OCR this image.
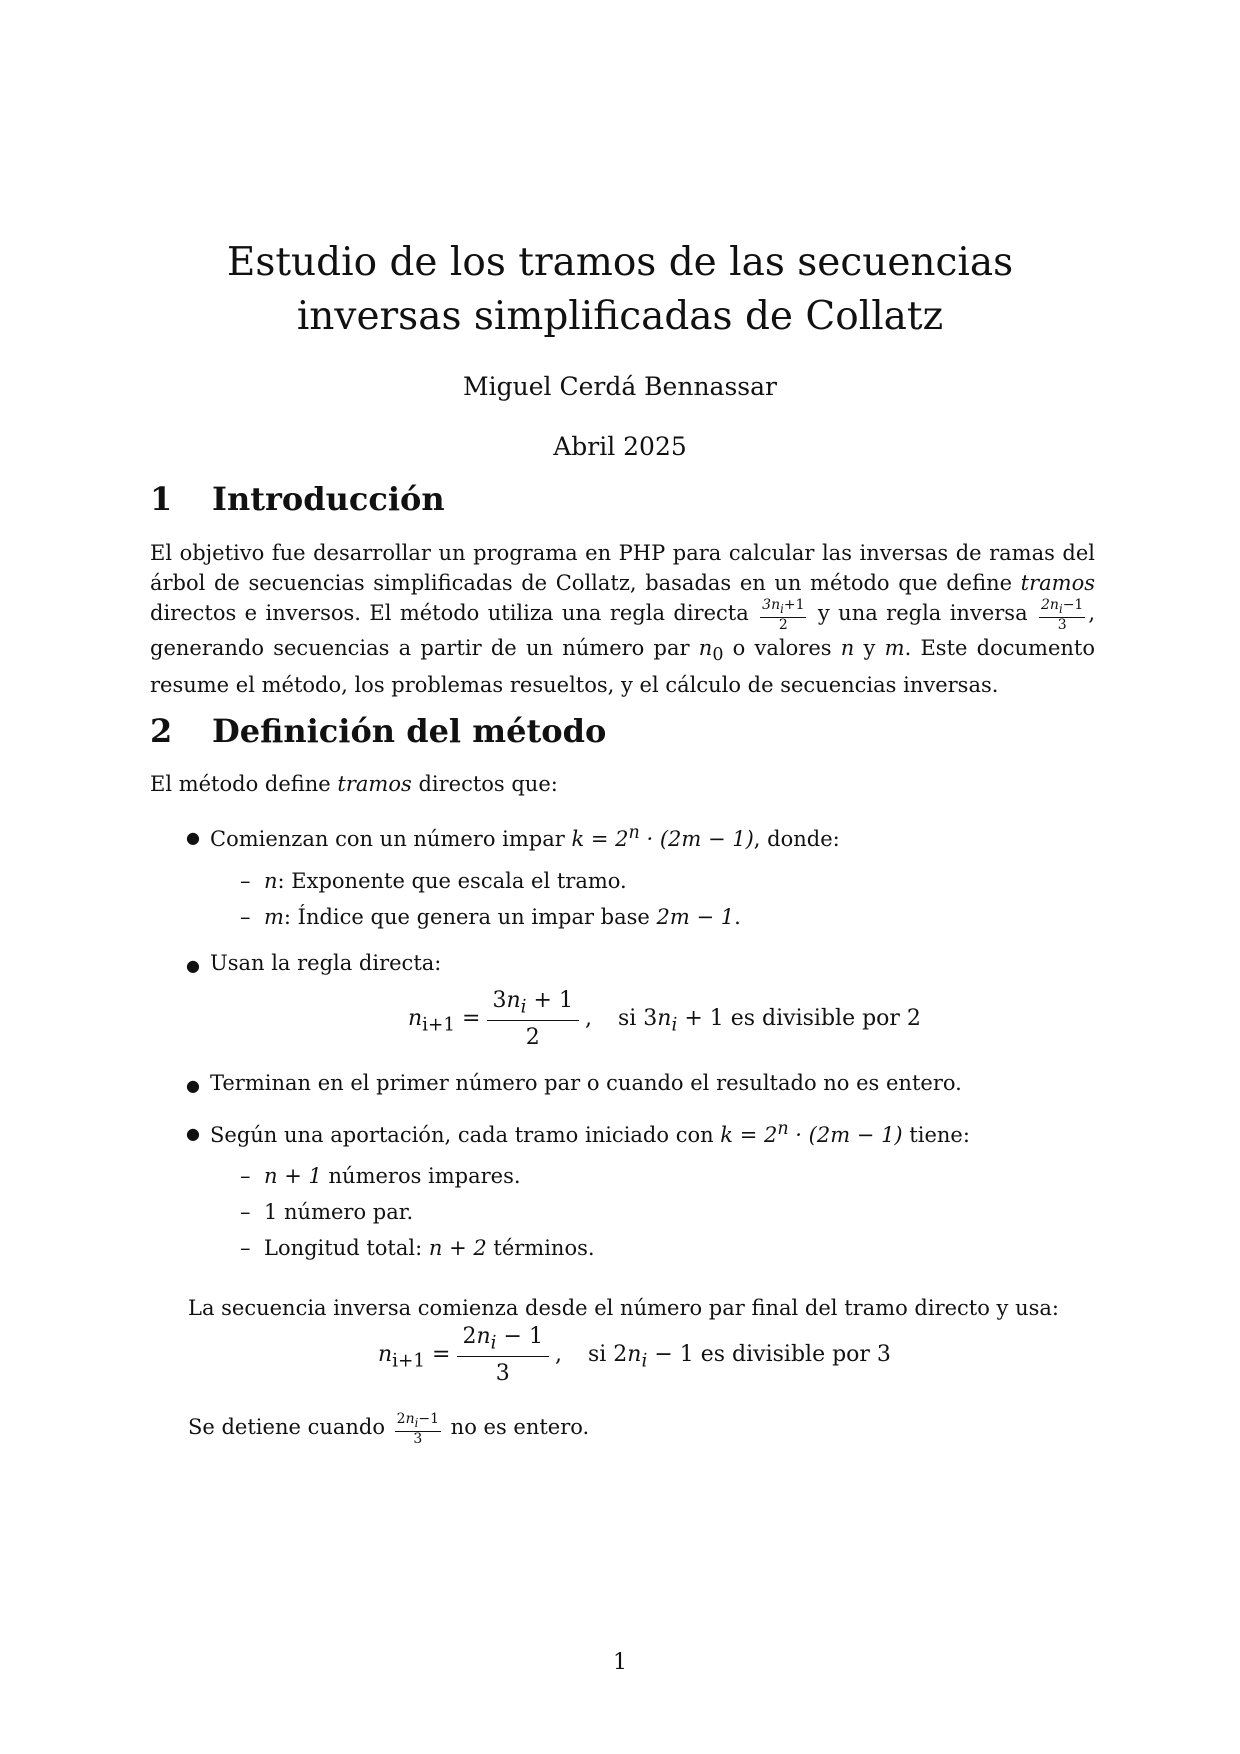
Estudio de los tramos de las secuencias inversas simplificadas de Collatz
Miguel Cerdá Bennassar
Abril 2025
1 Introducción
El objetivo fue desarrollar un programa en PHP para calcular las inversas de ramas del árbol de secuencias simplificadas de Collatz, basadas en un método que define tramos directos e inversos. El método utiliza una regla directa $\frac{3n_i+1}{2}$ y una regla inversa $\frac{2n_i-1}{3}$ , generando secuencias a partir de un número par $n_0$ o valores n y m. Este documento resume el método, los problemas resueltos, y el cálculo de secuencias inversas.
2 Definición del método
El método define tramos directos que:
● Comienzan con un número impar $k = 2^n \cdot (2m - 1)$, donde:
– n: Exponente que escala el tramo.
– m: Índice que genera un impar base 2m − 1.
● Usan la regla directa:
$n_{i+1} = \frac{3n_i + 1}{2}$ , si $3n_i + 1$ es divisible por 2
● Terminan en el primer número par o cuando el resultado no es entero.
● Según una aportación, cada tramo iniciado con $k = 2^n \cdot (2m - 1)$ tiene:
– n + 1 números impares.
– 1 número par.
– Longitud total: n + 2 términos.
La secuencia inversa comienza desde el número par final del tramo directo y usa:
$n_{i+1} = \frac{2n_i - 1}{3}$ , si $2n_i - 1$ es divisible por 3
Se detiene cuando $\frac{2n_i-1}{3}$ no es entero.
1
